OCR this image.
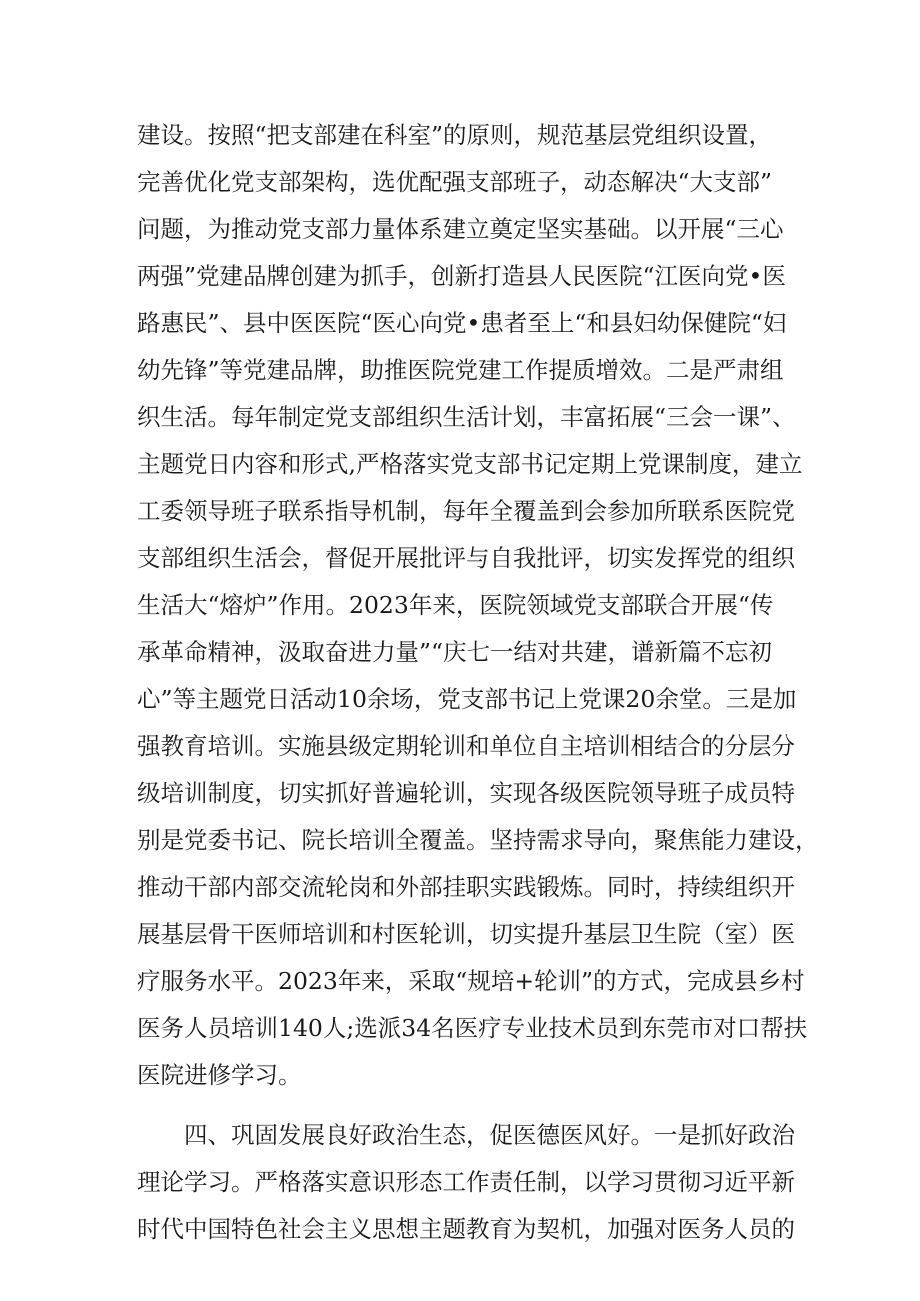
建设。按照“把支部建在科室”的原则，规范基层党组织设置，
完善优化党支部架构，选优配强支部班子，动态解决“大支部”
问题，为推动党支部力量体系建立奠定坚实基础。以开展“三心
两强”党建品牌创建为抓手，创新打造县人民医院“江医向党•医
路惠民”、县中医医院“医心向党•患者至上“和县妇幼保健院“妇
幼先锋”等党建品牌，助推医院党建工作提质增效。二是严肃组
织生活。每年制定党支部组织生活计划，丰富拓展“三会一课”、
主题党日内容和形式,严格落实党支部书记定期上党课制度，建立
工委领导班子联系指导机制，每年全覆盖到会参加所联系医院党
支部组织生活会，督促开展批评与自我批评，切实发挥党的组织
生活大“熔炉”作用。2023年来，医院领域党支部联合开展“传
承革命精神，汲取奋进力量”“庆七一结对共建，谱新篇不忘初
心”等主题党日活动10余场，党支部书记上党课20余堂。三是加
强教育培训。实施县级定期轮训和单位自主培训相结合的分层分
级培训制度，切实抓好普遍轮训，实现各级医院领导班子成员特
别是党委书记、院长培训全覆盖。坚持需求导向，聚焦能力建设，
推动干部内部交流轮岗和外部挂职实践锻炼。同时，持续组织开
展基层骨干医师培训和村医轮训，切实提升基层卫生院（室）医
疗服务水平。2023年来，采取“规培+轮训”的方式，完成县乡村
医务人员培训140人;选派34名医疗专业技术员到东莞市对口帮扶
医院进修学习。
　　四、巩固发展良好政治生态，促医德医风好。一是抓好政治
理论学习。严格落实意识形态工作责任制，以学习贯彻习近平新
时代中国特色社会主义思想主题教育为契机，加强对医务人员的
